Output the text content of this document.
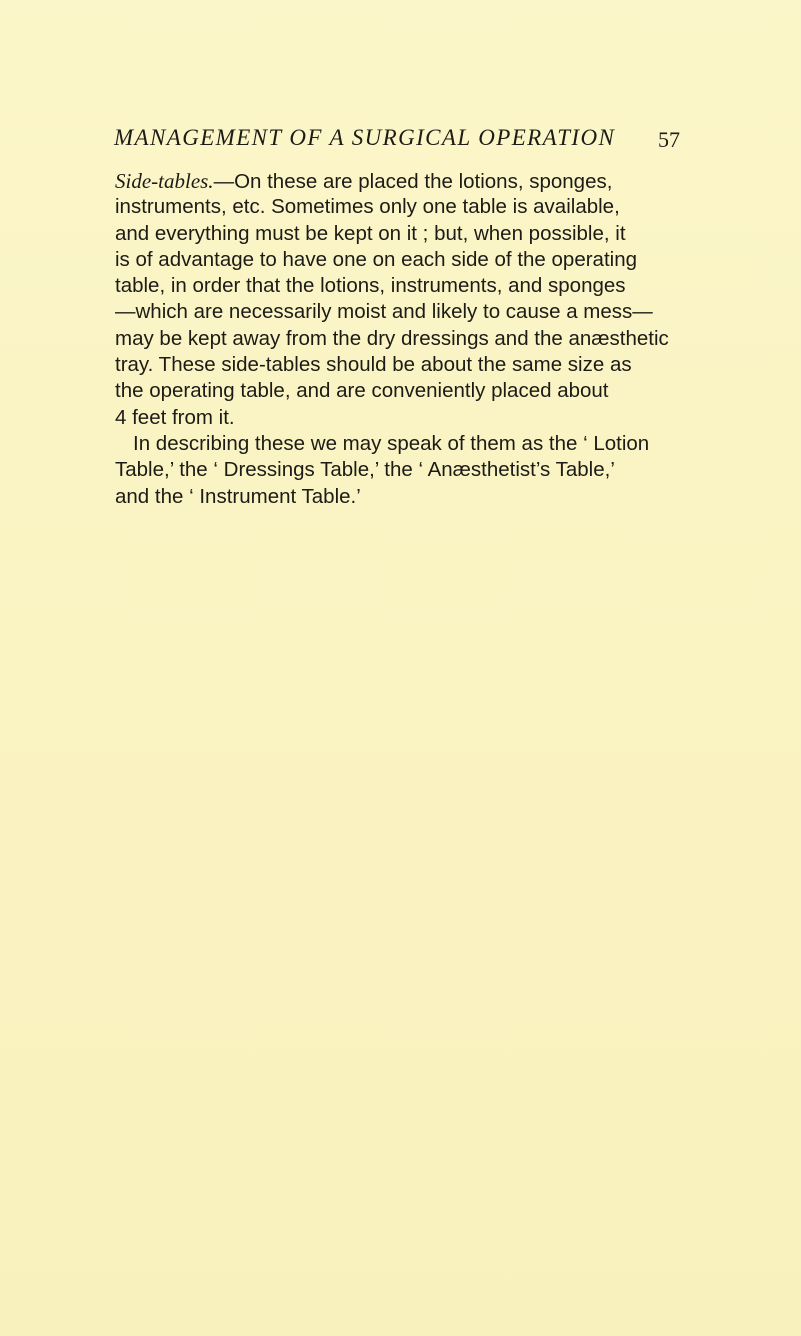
MANAGEMENT OF A SURGICAL OPERATION 57
Side-tables.—On these are placed the lotions, sponges,
instruments, etc. Sometimes only one table is available,
and everything must be kept on it ; but, when possible, it
is of advantage to have one on each side of the operating
table, in order that the lotions, instruments, and sponges
—which are necessarily moist and likely to cause a mess—
may be kept away from the dry dressings and the anæsthetic
tray. These side-tables should be about the same size as
the operating table, and are conveniently placed about
4 feet from it.
In describing these we may speak of them as the ‘ Lotion
Table,’ the ‘ Dressings Table,’ the ‘ Anæsthetist’s Table,’
and the ‘ Instrument Table.’
